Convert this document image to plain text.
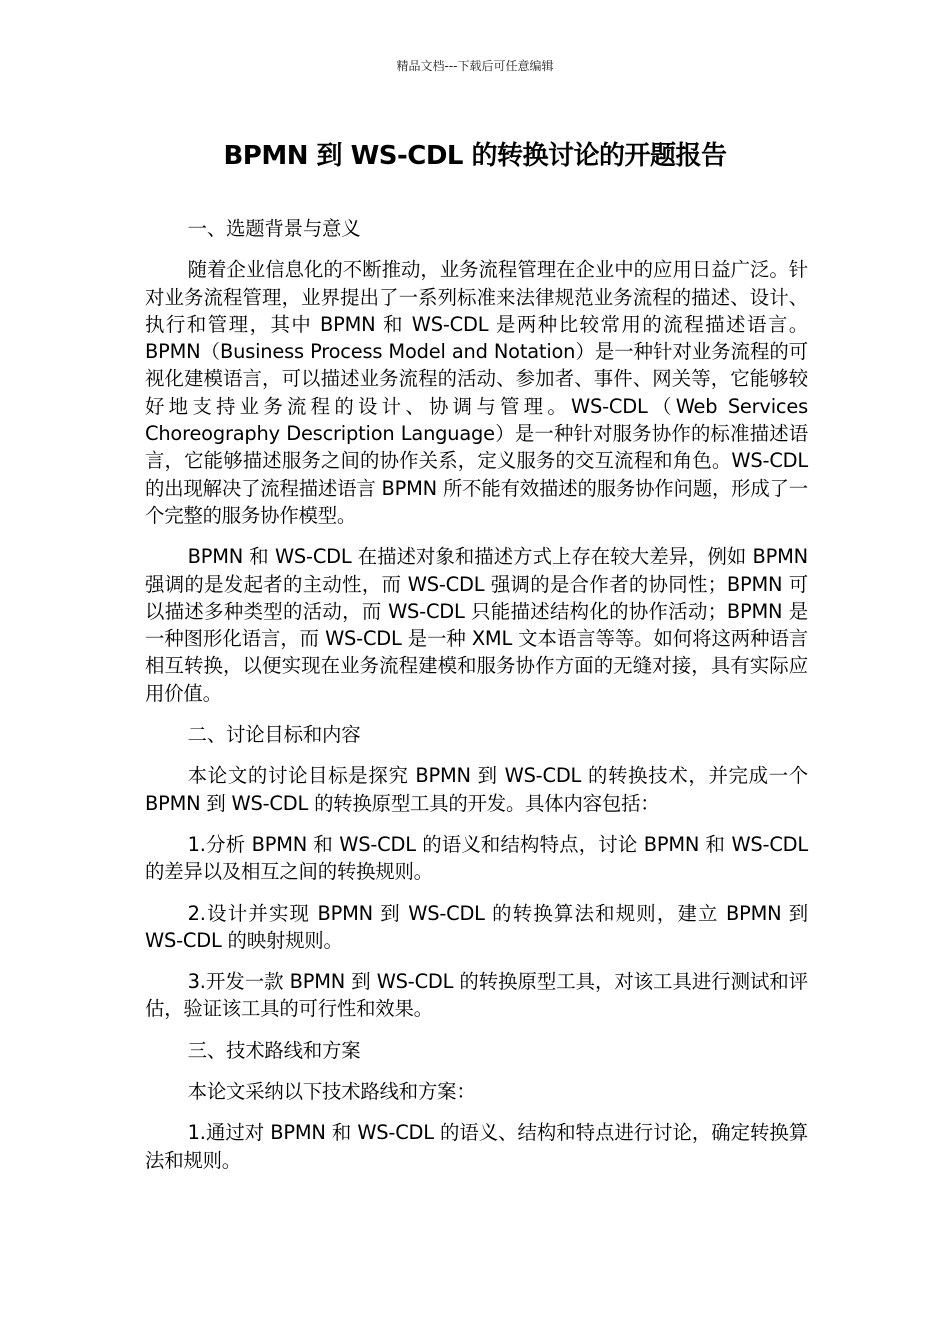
精品文档---下载后可任意编辑
BPMN 到 WS-CDL 的转换讨论的开题报告

一、选题背景与意义

随着企业信息化的不断推动，业务流程管理在企业中的应用日益广泛。针对业务流程管理，业界提出了一系列标准来法律规范业务流程的描述、设计、执行和管理，其中 BPMN 和 WS-CDL 是两种比较常用的流程描述语言。BPMN（Business Process Model and Notation）是一种针对业务流程的可视化建模语言，可以描述业务流程的活动、参加者、事件、网关等，它能够较好地支持业务流程的设计、协调与管理。WS-CDL（Web Services Choreography Description Language）是一种针对服务协作的标准描述语言，它能够描述服务之间的协作关系，定义服务的交互流程和角色。WS-CDL 的出现解决了流程描述语言 BPMN 所不能有效描述的服务协作问题，形成了一个完整的服务协作模型。

BPMN 和 WS-CDL 在描述对象和描述方式上存在较大差异，例如 BPMN 强调的是发起者的主动性，而 WS-CDL 强调的是合作者的协同性；BPMN 可以描述多种类型的活动，而 WS-CDL 只能描述结构化的协作活动；BPMN 是一种图形化语言，而 WS-CDL 是一种 XML 文本语言等等。如何将这两种语言相互转换，以便实现在业务流程建模和服务协作方面的无缝对接，具有实际应用价值。

二、讨论目标和内容

本论文的讨论目标是探究 BPMN 到 WS-CDL 的转换技术，并完成一个 BPMN 到 WS-CDL 的转换原型工具的开发。具体内容包括：

1.分析 BPMN 和 WS-CDL 的语义和结构特点，讨论 BPMN 和 WS-CDL 的差异以及相互之间的转换规则。

2.设计并实现 BPMN 到 WS-CDL 的转换算法和规则，建立 BPMN 到 WS-CDL 的映射规则。

3.开发一款 BPMN 到 WS-CDL 的转换原型工具，对该工具进行测试和评估，验证该工具的可行性和效果。

三、技术路线和方案

本论文采纳以下技术路线和方案：

1.通过对 BPMN 和 WS-CDL 的语义、结构和特点进行讨论，确定转换算法和规则。
